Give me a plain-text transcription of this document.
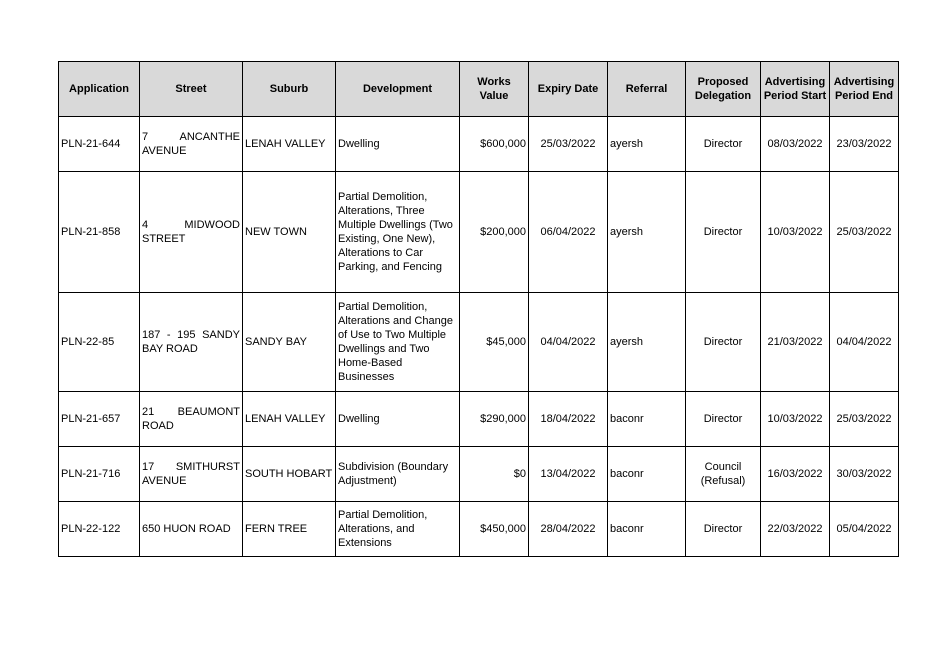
Application	Street	Suburb	Development	Works Value	Expiry Date	Referral	Proposed Delegation	Advertising Period Start	Advertising Period End
PLN-21-644	7 ANCANTHE AVENUE	LENAH VALLEY	Dwelling	$600,000	25/03/2022	ayersh	Director	08/03/2022	23/03/2022
PLN-21-858	4 MIDWOOD STREET	NEW TOWN	Partial Demolition, Alterations, Three Multiple Dwellings (Two Existing, One New), Alterations to Car Parking, and Fencing	$200,000	06/04/2022	ayersh	Director	10/03/2022	25/03/2022
PLN-22-85	187 - 195 SANDY BAY ROAD	SANDY BAY	Partial Demolition, Alterations and Change of Use to Two Multiple Dwellings and Two Home-Based Businesses	$45,000	04/04/2022	ayersh	Director	21/03/2022	04/04/2022
PLN-21-657	21 BEAUMONT ROAD	LENAH VALLEY	Dwelling	$290,000	18/04/2022	baconr	Director	10/03/2022	25/03/2022
PLN-21-716	17 SMITHURST AVENUE	SOUTH HOBART	Subdivision (Boundary Adjustment)	$0	13/04/2022	baconr	Council (Refusal)	16/03/2022	30/03/2022
PLN-22-122	650 HUON ROAD	FERN TREE	Partial Demolition, Alterations, and Extensions	$450,000	28/04/2022	baconr	Director	22/03/2022	05/04/2022
